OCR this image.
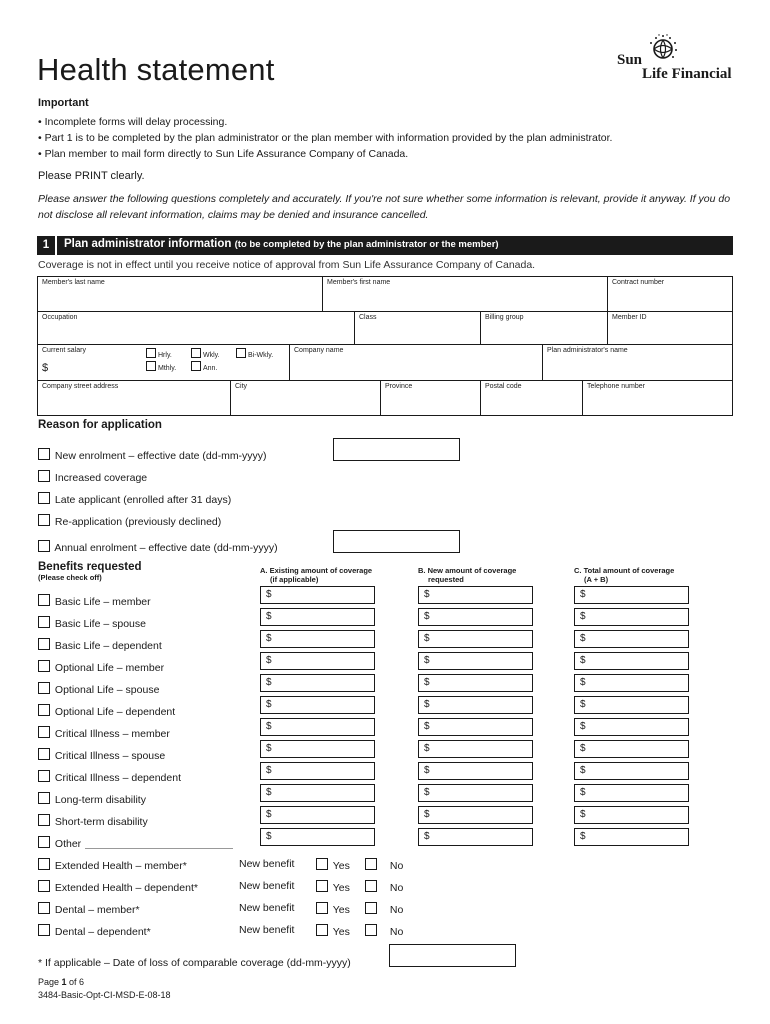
Health statement	Sun
Life Financial
Important
• Incomplete forms will delay processing.
• Part 1 is to be completed by the plan administrator or the plan member with information provided by the plan administrator.
• Plan member to mail form directly to Sun Life Assurance Company of Canada.
Please PRINT clearly.
Please answer the following questions completely and accurately. If you're not sure whether some information is relevant, provide it anyway. If you do not disclose all relevant information, claims may be denied and insurance cancelled.
1	Plan administrator information (to be completed by the plan administrator or the member)
Coverage is not in effect until you receive notice of approval from Sun Life Assurance Company of Canada.
Member's last name	Member's first name	Contract number
Occupation	Class	Billing group	Member ID
Current salary
$
Hrly.	Wkly.	Bi-Wkly.
Mthly.	Ann.
Company name	Plan administrator's name
Company street address	City	Province	Postal code	Telephone number
Reason for application
New enrolment – effective date (dd-mm-yyyy)
Increased coverage
Late applicant (enrolled after 31 days)
Re-application (previously declined)
Annual enrolment – effective date (dd-mm-yyyy)
Benefits requested
(Please check off)
A. Existing amount of coverage
(if applicable)
B. New amount of coverage
requested
C. Total amount of coverage
(A + B)
Basic Life – member
$	$	$
Basic Life – spouse
$	$	$
Basic Life – dependent
$	$	$
Optional Life – member
$	$	$
Optional Life – spouse
$	$	$
Optional Life – dependent
$	$	$
Critical Illness – member
$	$	$
Critical Illness – spouse
$	$	$
Critical Illness – dependent
$	$	$
Long-term disability
$	$	$
Short-term disability
$	$	$
Other
$	$	$
Extended Health – member*	New benefit	Yes	No
Extended Health – dependent*	New benefit	Yes	No
Dental – member*	New benefit	Yes	No
Dental – dependent*	New benefit	Yes	No
* If applicable – Date of loss of comparable coverage (dd-mm-yyyy)
Page 1 of 6
3484-Basic-Opt-CI-MSD-E-08-18
